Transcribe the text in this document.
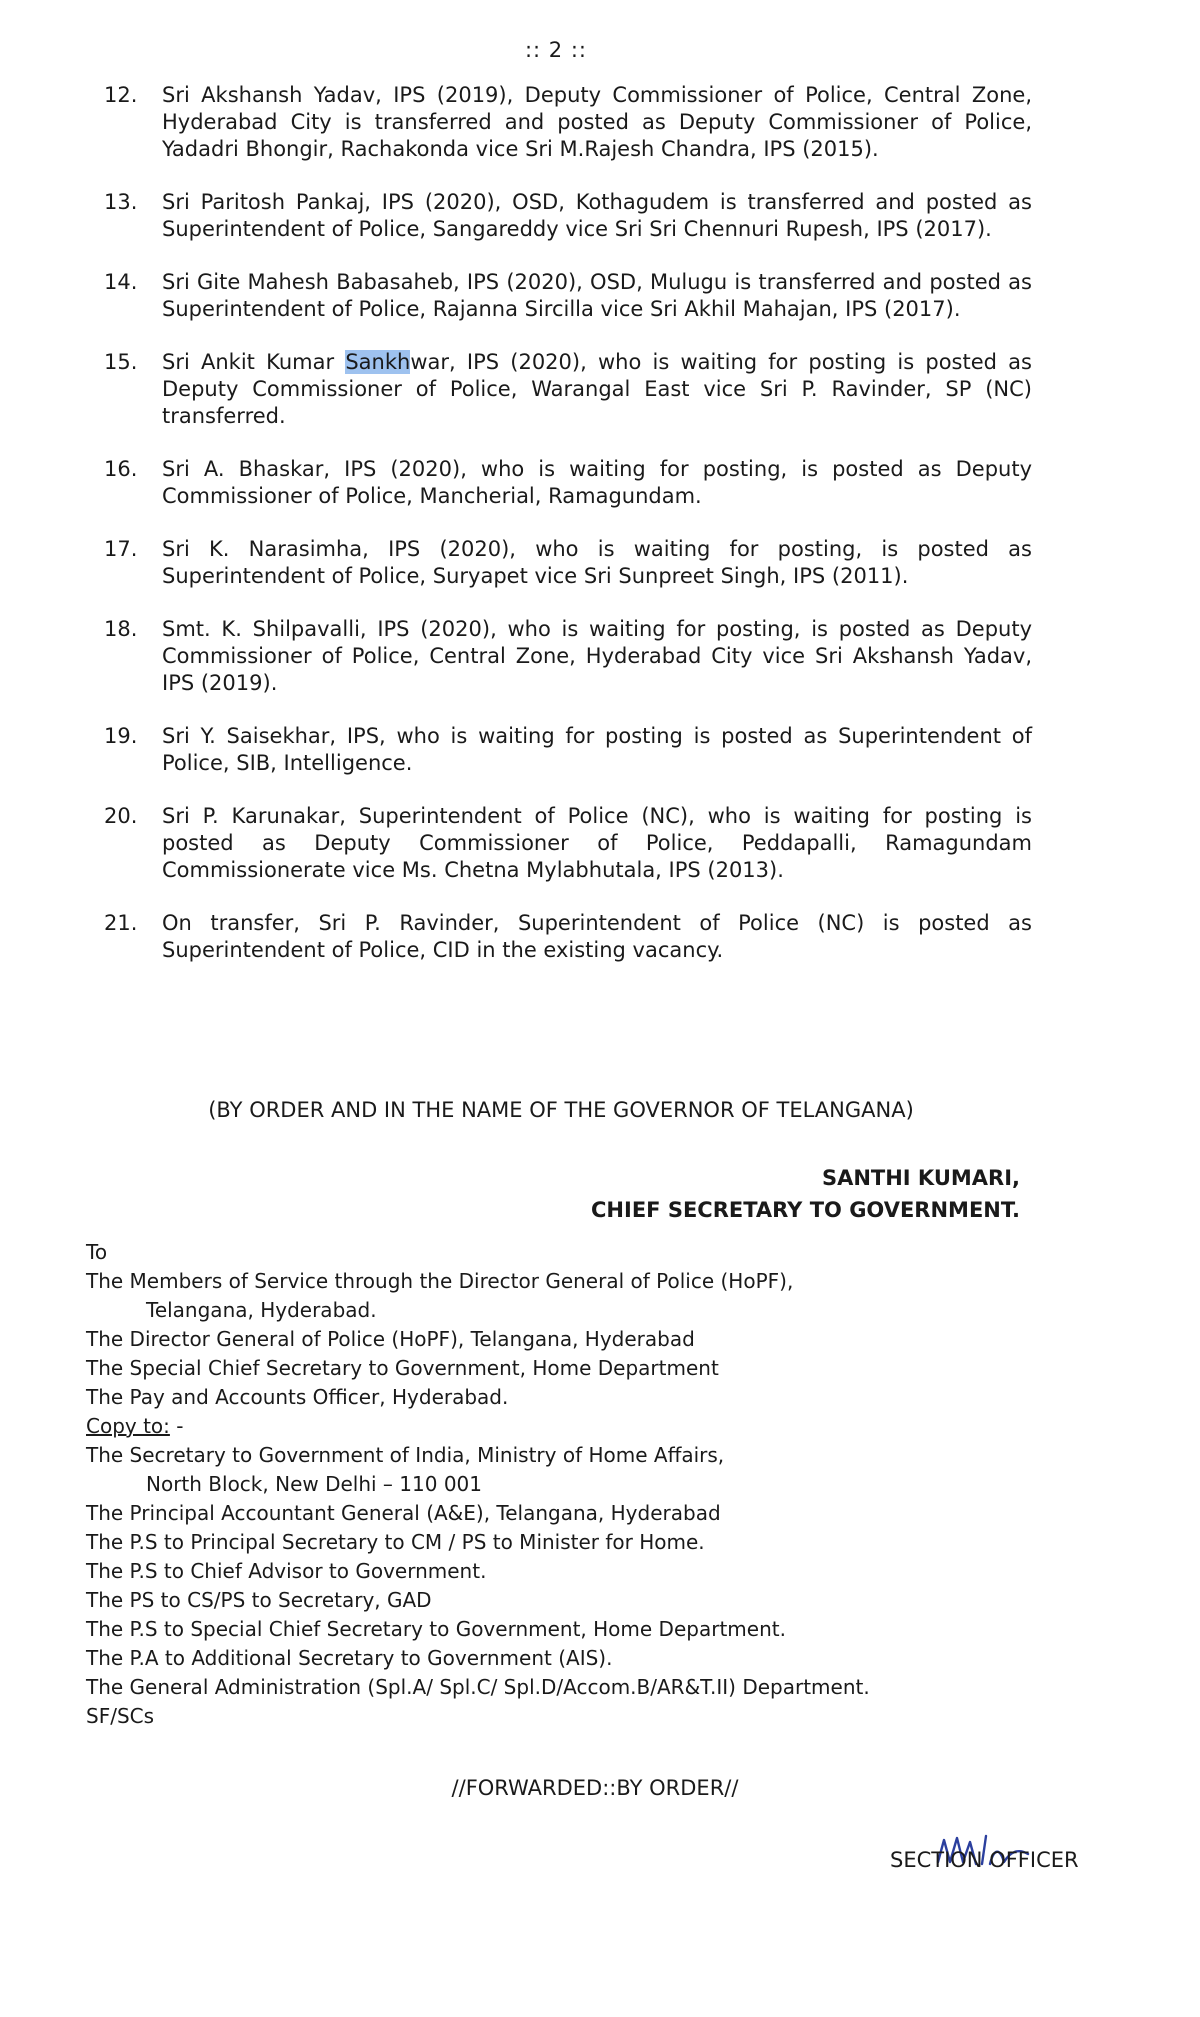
:: 2 ::
12.	Sri Akshansh Yadav, IPS (2019), Deputy Commissioner of Police, Central Zone, Hyderabad City is transferred and posted as Deputy Commissioner of Police, Yadadri Bhongir, Rachakonda vice Sri M.Rajesh Chandra, IPS (2015).
13.	Sri Paritosh Pankaj, IPS (2020), OSD, Kothagudem is transferred and posted as Superintendent of Police, Sangareddy vice Sri Sri Chennuri Rupesh, IPS (2017).
14.	Sri Gite Mahesh Babasaheb, IPS (2020), OSD, Mulugu is transferred and posted as Superintendent of Police, Rajanna Sircilla vice Sri Akhil Mahajan, IPS (2017).
15.	Sri Ankit Kumar Sankhwar, IPS (2020), who is waiting for posting is posted as Deputy Commissioner of Police, Warangal East vice Sri P. Ravinder, SP (NC) transferred.
16.	Sri A. Bhaskar, IPS (2020), who is waiting for posting, is posted as Deputy Commissioner of Police, Mancherial, Ramagundam.
17.	Sri K. Narasimha, IPS (2020), who is waiting for posting, is posted as Superintendent of Police, Suryapet vice Sri Sunpreet Singh, IPS (2011).
18.	Smt. K. Shilpavalli, IPS (2020), who is waiting for posting, is posted as Deputy Commissioner of Police, Central Zone, Hyderabad City vice Sri Akshansh Yadav, IPS (2019).
19.	Sri Y. Saisekhar, IPS, who is waiting for posting is posted as Superintendent of Police, SIB, Intelligence.
20.	Sri P. Karunakar, Superintendent of Police (NC), who is waiting for posting is posted as Deputy Commissioner of Police, Peddapalli, Ramagundam Commissionerate vice Ms. Chetna Mylabhutala, IPS (2013).
21.	On transfer, Sri P. Ravinder, Superintendent of Police (NC) is posted as Superintendent of Police, CID in the existing vacancy.
(BY ORDER AND IN THE NAME OF THE GOVERNOR OF TELANGANA)
SANTHI KUMARI,
CHIEF SECRETARY TO GOVERNMENT.
To
The Members of Service through the Director General of Police (HoPF),
Telangana, Hyderabad.
The Director General of Police (HoPF), Telangana, Hyderabad
The Special Chief Secretary to Government, Home Department
The Pay and Accounts Officer, Hyderabad.
Copy to: -
The Secretary to Government of India, Ministry of Home Affairs,
North Block, New Delhi – 110 001
The Principal Accountant General (A&E), Telangana, Hyderabad
The P.S to Principal Secretary to CM / PS to Minister for Home.
The P.S to Chief Advisor to Government.
The PS to CS/PS to Secretary, GAD
The P.S to Special Chief Secretary to Government, Home Department.
The P.A to Additional Secretary to Government (AIS).
The General Administration (Spl.A/ Spl.C/ Spl.D/Accom.B/AR&T.II) Department.
SF/SCs
//FORWARDED::BY ORDER//
SECTION OFFICER
